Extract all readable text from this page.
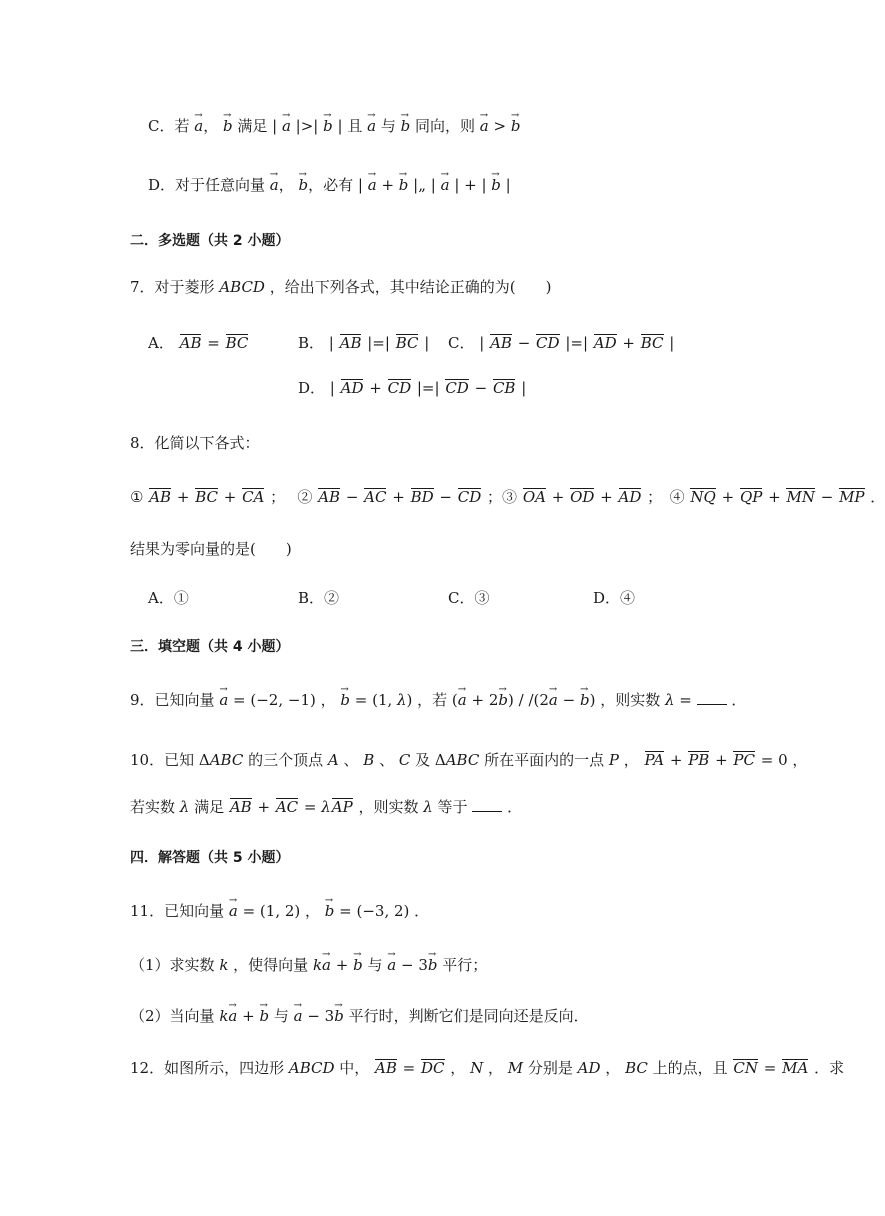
C．若 → a， → b 满足 | → a |>| → b | 且 → a 与 → b 同向，则 → a > → b
D．对于任意向量 → a， → b，必有 | → a + → b |„ | → a | + | → b |
二．多选题（共 2 小题）
7．对于菱形 ABCD ，给出下列各式，其中结论正确的为(　　)
A． AB = BC	B． | AB |=| BC | C． | AB − CD |=| AD + BC |
D． | AD + CD |=| CD − CB |
8．化简以下各式：
① AB + BC + CA ；　 ② AB − AC + BD − CD ；③ OA + OD + AD ；　④ NQ + QP + MN − MP ．
结果为零向量的是(　　)
A．①	B．②	C．③	D．④
三．填空题（共 4 小题）
9．已知向量 → a = (−2, −1) ， → b = (1, λ) ，若 (→ a + 2→ b) / /(2→ a − → b) ，则实数 λ =  ．
10．已知 ΔABC 的三个顶点 A 、 B 、 C 及 ΔABC 所在平面内的一点 P ， PA + PB + PC = 0 ，
若实数 λ 满足 AB + AC = λAP ，则实数 λ 等于  ．
四．解答题（共 5 小题）
11．已知向量 → a = (1, 2) ， → b = (−3, 2) ．
（1）求实数 k ，使得向量 k→ a + → b 与 → a − 3→ b 平行；
（2）当向量 k→ a + → b 与 → a − 3→ b 平行时，判断它们是同向还是反向．
12．如图所示，四边形 ABCD 中， AB = DC ， N ， M 分别是 AD ， BC 上的点，且 CN = MA ．求
